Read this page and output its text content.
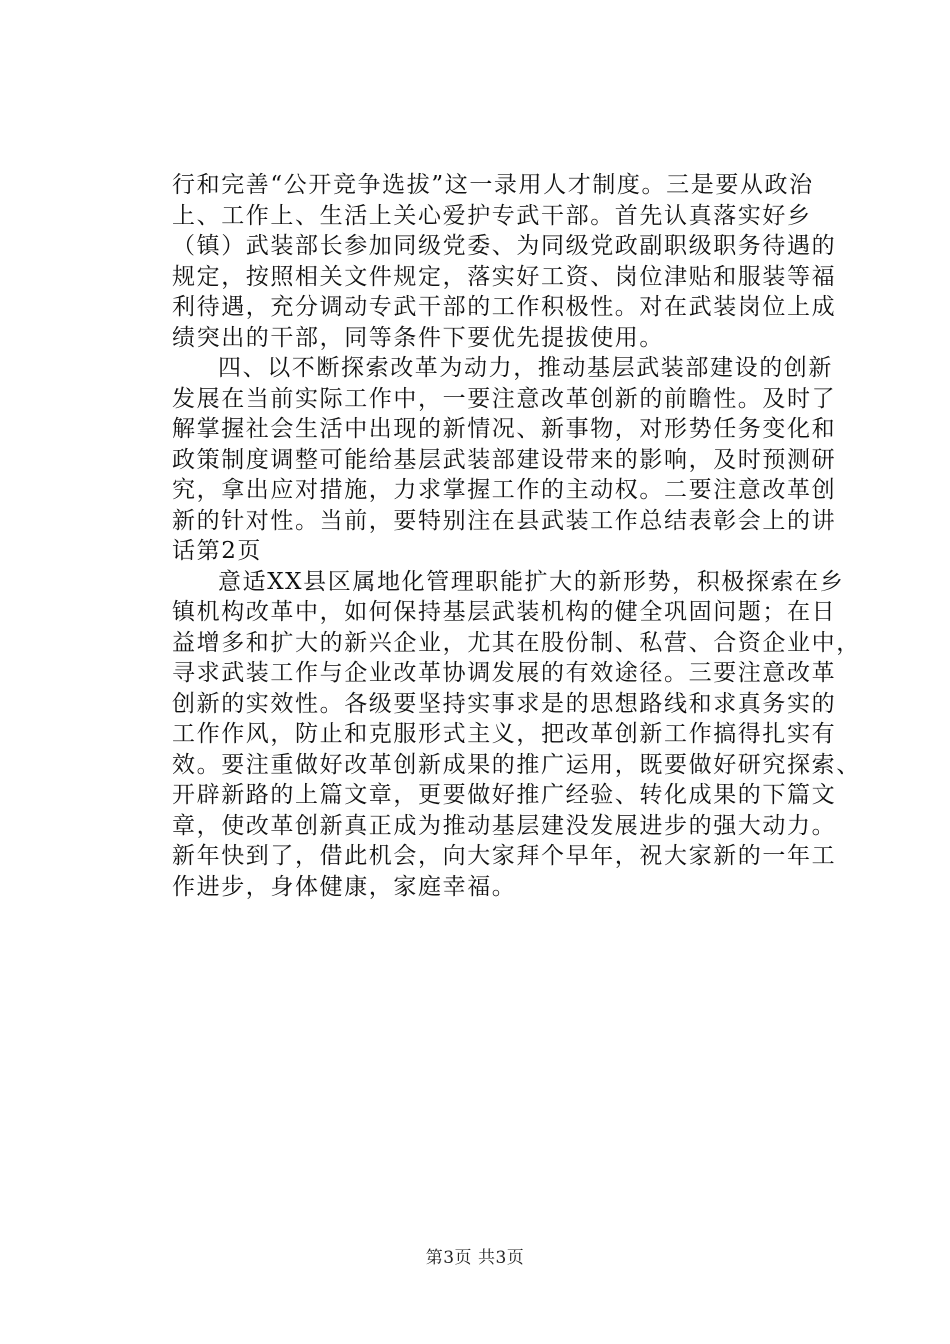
行和完善“公开竞争选拔”这一录用人才制度。三是要从政治
上、工作上、生活上关心爱护专武干部。首先认真落实好乡
（镇）武装部长参加同级党委、为同级党政副职级职务待遇的
规定，按照相关文件规定，落实好工资、岗位津贴和服装等福
利待遇，充分调动专武干部的工作积极性。对在武装岗位上成
绩突出的干部，同等条件下要优先提拔使用。
四、以不断探索改革为动力，推动基层武装部建设的创新
发展在当前实际工作中，一要注意改革创新的前瞻性。及时了
解掌握社会生活中出现的新情况、新事物，对形势任务变化和
政策制度调整可能给基层武装部建设带来的影响，及时预测研
究，拿出应对措施，力求掌握工作的主动权。二要注意改革创
新的针对性。当前，要特别注在县武装工作总结表彰会上的讲
话第2页
意适XX县区属地化管理职能扩大的新形势，积极探索在乡
镇机构改革中，如何保持基层武装机构的健全巩固问题；在日
益增多和扩大的新兴企业，尤其在股份制、私营、合资企业中，
寻求武装工作与企业改革协调发展的有效途径。三要注意改革
创新的实效性。各级要坚持实事求是的思想路线和求真务实的
工作作风，防止和克服形式主义，把改革创新工作搞得扎实有
效。要注重做好改革创新成果的推广运用，既要做好研究探索、
开辟新路的上篇文章，更要做好推广经验、转化成果的下篇文
章，使改革创新真正成为推动基层建没发展进步的强大动力。
新年快到了，借此机会，向大家拜个早年，祝大家新的一年工
作进步，身体健康，家庭幸福。
第3页 共3页
